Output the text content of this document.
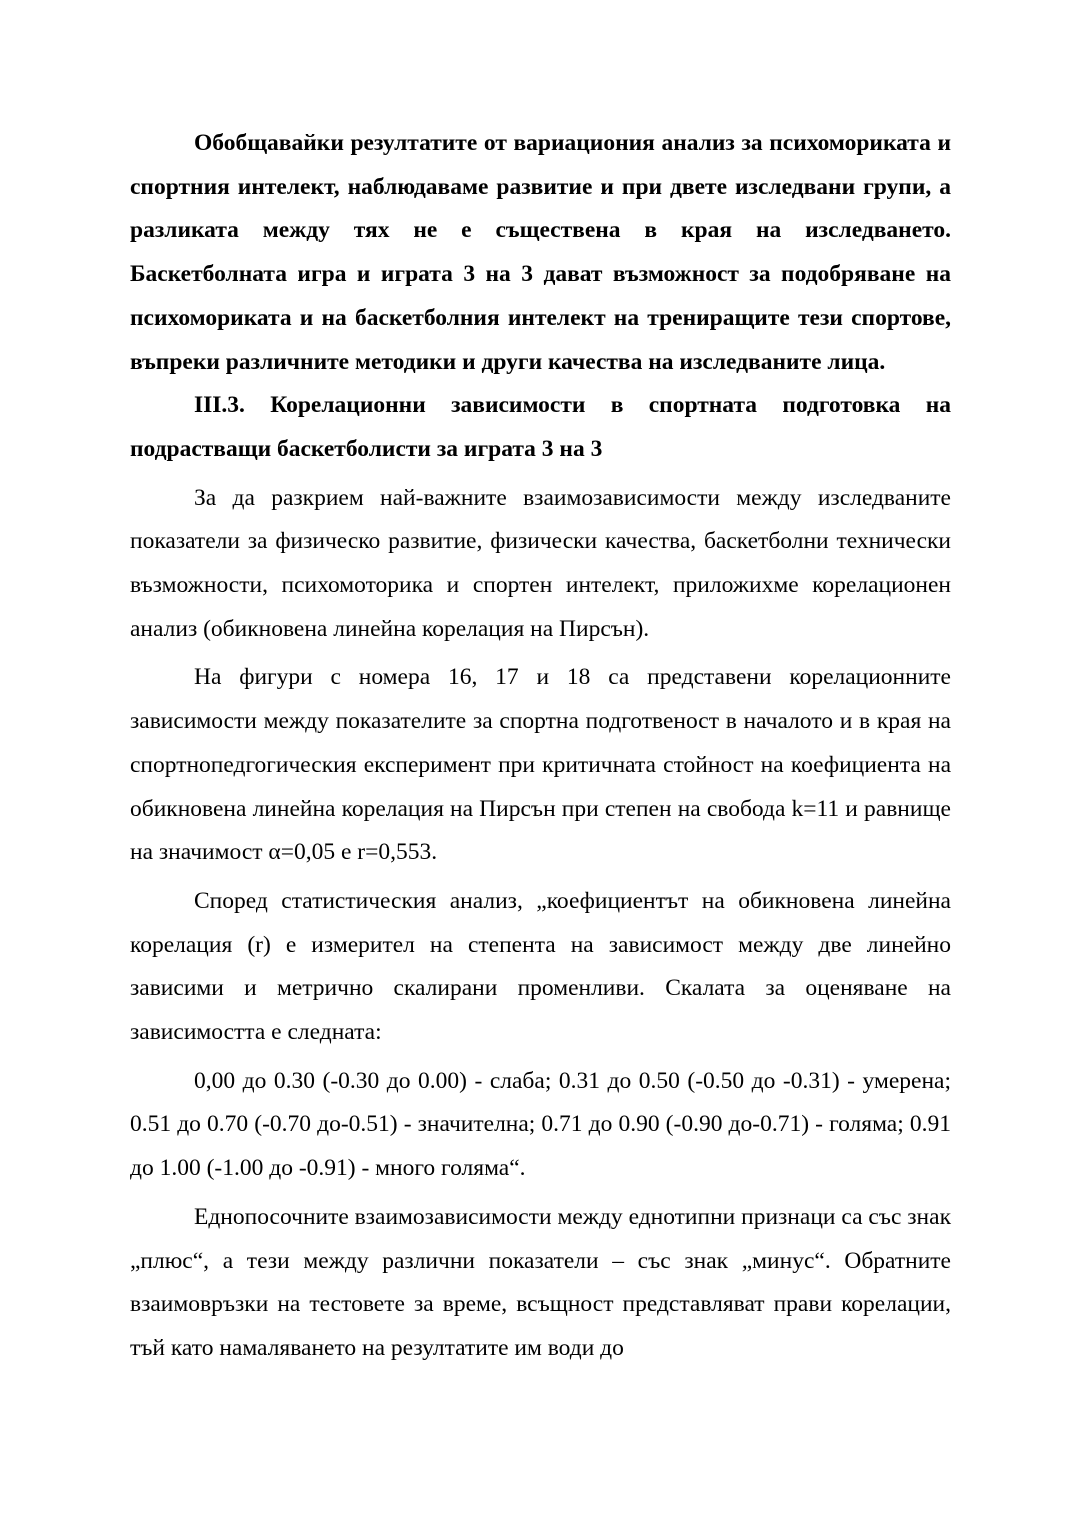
Обобщавайки резултатите от вариациония анализ за психомориката и спортния интелект, наблюдаваме развитие и при двете изследвани групи, а разликата между тях не е съществена в края на изследването. Баскетболната игра и играта 3 на 3 дават възможност за подобряване на психомориката и на баскетболния интелект на трениращите тези спортове, въпреки различните методики и други качества на изследваните лица.

III.3. Корелационни зависимости в спортната подготовка на подрастващи баскетболисти за играта 3 на 3

За да разкрием най-важните взаимозависимости между изследваните показатели за физическо развитие, физически качества, баскетболни технически възможности, психомоторика и спортен интелект, приложихме корелационен анализ (обикновена линейна корелация на Пирсън).

На фигури с номера 16, 17 и 18 са представени корелационните зависимости между показателите за спортна подготвеност в началото и в края на спортнопедгогическия експеримент при критичната стойност на коефициента на обикновена линейна корелация на Пирсън при степен на свобода k=11 и равнище на значимост α=0,05 е r=0,553.

Според статистическия анализ, „коефициентът на обикновена линейна корелация (r) е измерител на степента на зависимост между две линейно зависими и метрично скалирани променливи. Скалата за оценяване на зависимостта е следната:

0,00 до 0.30 (-0.30 до 0.00) - слаба; 0.31 до 0.50 (-0.50 до -0.31) - умерена; 0.51 до 0.70 (-0.70 до-0.51) - значителна; 0.71 до 0.90 (-0.90 до-0.71) - голяма; 0.91 до 1.00 (-1.00 до -0.91) - много голяма“.

Еднопосочните взаимозависимости между еднотипни признаци са със знак „плюс“, а тези между различни показатели – със знак „минус“. Обратните взаимовръзки на тестовете за време, всъщност представляват прави корелации, тъй като намаляването на резултатите им води до
